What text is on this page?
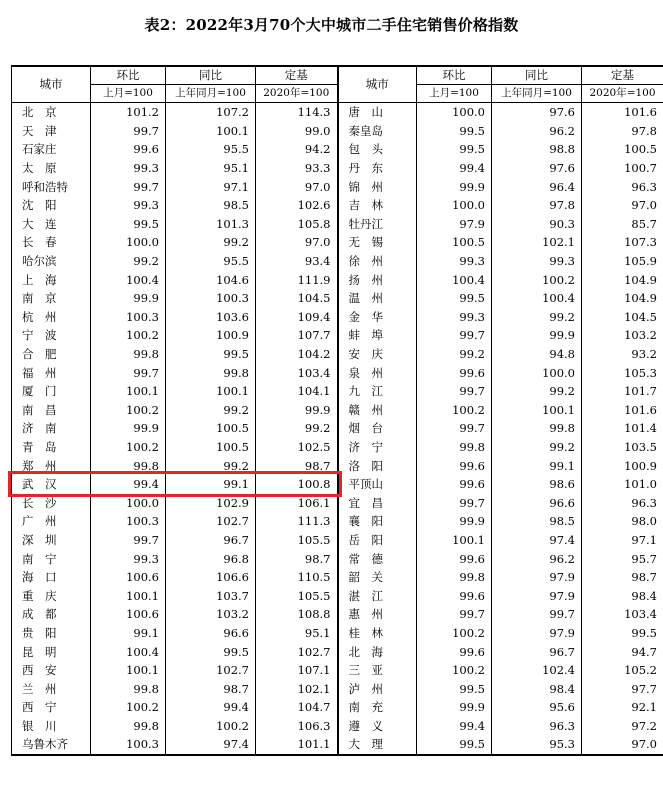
表2：2022年3月70个大中城市二手住宅销售价格指数
城市	环比	同比	定基	城市	环比	同比	定基
	上月=100	上年同月=100	2020年=100		上月=100	上年同月=100	2020年=100
北　京	101.2	107.2	114.3	唐　山	100.0	97.6	101.6
天　津	99.7	100.1	99.0	秦皇岛	99.5	96.2	97.8
石家庄	99.6	95.5	94.2	包　头	99.5	98.8	100.5
太　原	99.3	95.1	93.3	丹　东	99.4	97.6	100.7
呼和浩特	99.7	97.1	97.0	锦　州	99.9	96.4	96.3
沈　阳	99.3	98.5	102.6	吉　林	100.0	97.8	97.0
大　连	99.5	101.3	105.8	牡丹江	97.9	90.3	85.7
长　春	100.0	99.2	97.0	无　锡	100.5	102.1	107.3
哈尔滨	99.2	95.5	93.4	徐　州	99.3	99.3	105.9
上　海	100.4	104.6	111.9	扬　州	100.4	100.2	104.9
南　京	99.9	100.3	104.5	温　州	99.5	100.4	104.9
杭　州	100.3	103.6	109.4	金　华	99.3	99.2	104.5
宁　波	100.2	100.9	107.7	蚌　埠	99.7	99.9	103.2
合　肥	99.8	99.5	104.2	安　庆	99.2	94.8	93.2
福　州	99.7	99.8	103.4	泉　州	99.6	100.0	105.3
厦　门	100.1	100.1	104.1	九　江	99.7	99.2	101.7
南　昌	100.2	99.2	99.9	赣　州	100.2	100.1	101.6
济　南	99.9	100.5	99.2	烟　台	99.7	99.8	101.4
青　岛	100.2	100.5	102.5	济　宁	99.8	99.2	103.5
郑　州	99.8	99.2	98.7	洛　阳	99.6	99.1	100.9
武　汉	99.4	99.1	100.8	平顶山	99.6	98.6	101.0
长　沙	100.0	102.9	106.1	宜　昌	99.7	96.6	96.3
广　州	100.3	102.7	111.3	襄　阳	99.9	98.5	98.0
深　圳	99.7	96.7	105.5	岳　阳	100.1	97.4	97.1
南　宁	99.3	96.8	98.7	常　德	99.6	96.2	95.7
海　口	100.6	106.6	110.5	韶　关	99.8	97.9	98.7
重　庆	100.1	103.7	105.5	湛　江	99.6	97.9	98.4
成　都	100.6	103.2	108.8	惠　州	99.7	99.7	103.4
贵　阳	99.1	96.6	95.1	桂　林	100.2	97.9	99.5
昆　明	100.4	99.5	102.7	北　海	99.6	96.7	94.7
西　安	100.1	102.7	107.1	三　亚	100.2	102.4	105.2
兰　州	99.8	98.7	102.1	泸　州	99.5	98.4	97.7
西　宁	100.2	99.4	104.7	南　充	99.9	95.6	92.1
银　川	99.8	100.2	106.3	遵　义	99.4	96.3	97.2
乌鲁木齐	100.3	97.4	101.1	大　理	99.5	95.3	97.0
